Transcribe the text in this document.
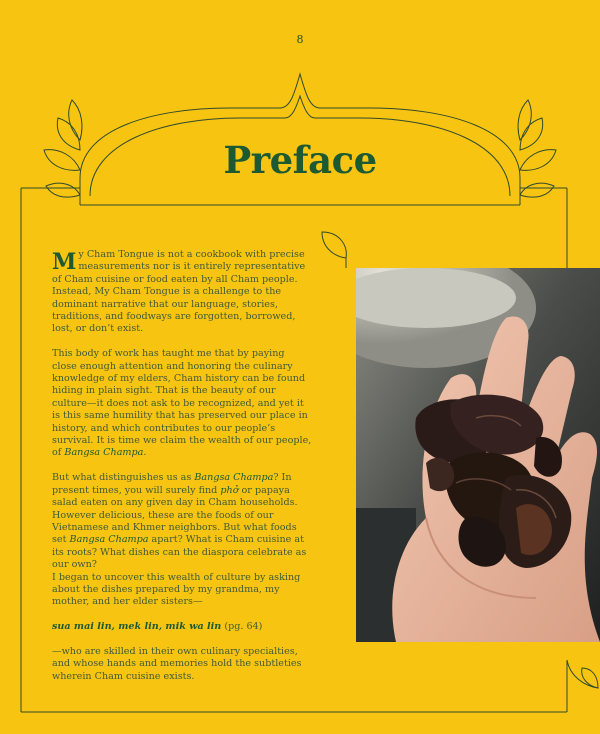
8
Preface

My Cham Tongue is not a cookbook with precise measurements nor is it entirely representative of Cham cuisine or food eaten by all Cham people. Instead, My Cham Tongue is a challenge to the dominant narrative that our language, stories, traditions, and foodways are forgotten, borrowed, lost, or don’t exist.

This body of work has taught me that by paying close enough attention and honoring the culinary knowledge of my elders, Cham history can be found hiding in plain sight. That is the beauty of our culture—it does not ask to be recognized, and yet it is this same humility that has preserved our place in history, and which contributes to our people’s survival. It is time we claim the wealth of our people, of Bangsa Champa.

But what distinguishes us as Bangsa Champa? In present times, you will surely find phở or papaya salad eaten on any given day in Cham households. However delicious, these are the foods of our Vietnamese and Khmer neighbors. But what foods set Bangsa Champa apart? What is Cham cuisine at its roots? What dishes can the diaspora celebrate as our own?
I began to uncover this wealth of culture by asking about the dishes prepared by my grandma, my mother, and her elder sisters—

sua mai lin, mek lin, mik wa lin (pg. 64)

—who are skilled in their own culinary specialties, and whose hands and memories hold the subtleties wherein Cham cuisine exists.
